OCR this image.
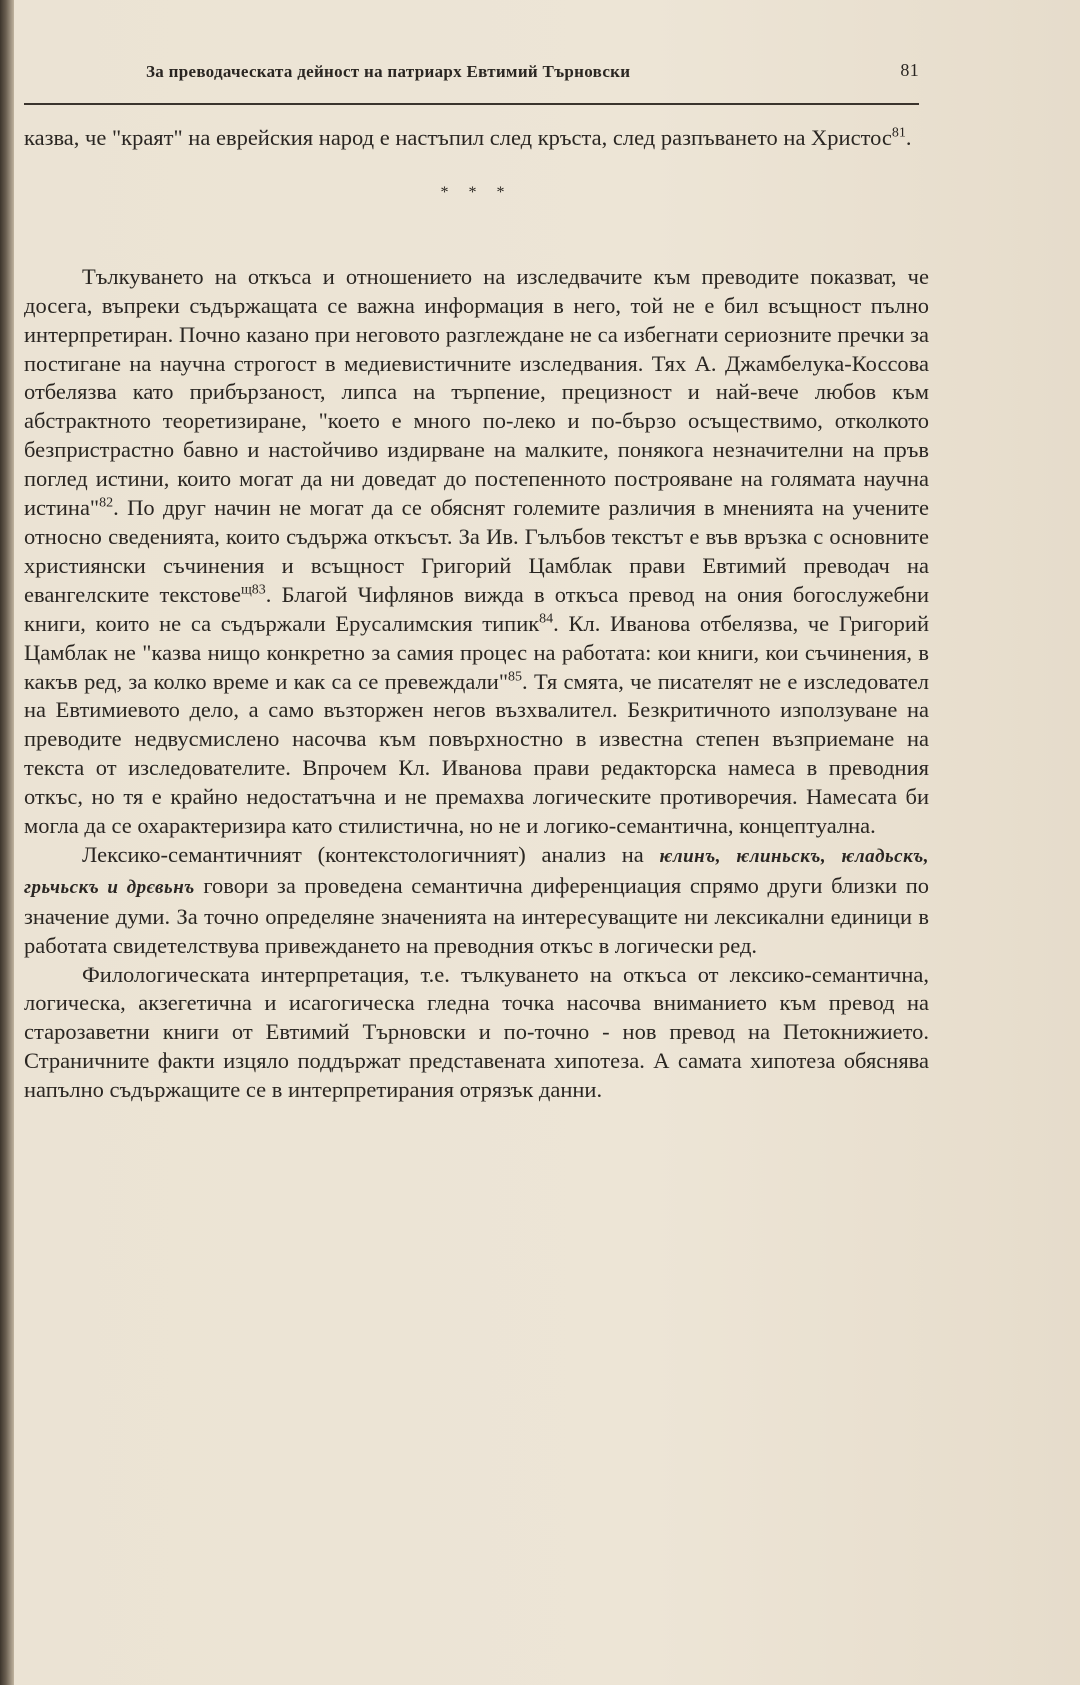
За преводаческата дейност на патриарх Евтимий Търновски	81

казва, че "краят" на еврейския народ е настъпил след кръста, след разпъването на Христос$^{81}$.

* * *

Тълкуването на откъса и отношението на изследвачите към преводите показват, че досега, въпреки съдържащата се важна информация в него, той не е бил всъщност пълно интерпретиран. Почно казано при неговото разглеждане не са избегнати сериозните пречки за постигане на научна строгост в медиевистичните изследвания. Тях А. Джамбелука-Коссова отбелязва като прибързаност, липса на търпение, прецизност и най-вече любов към абстрактното теоретизиране, "което е много по-леко и по-бързо осъществимо, отколкото безпристрастно бавно и настойчиво издирване на малките, понякога незначителни на пръв поглед истини, които могат да ни доведат до постепенното построяване на голямата научна истина"$^{82}$. По друг начин не могат да се обяснят големите различия в мненията на учените относно сведенията, които съдържа откъсът. За Ив. Гълъбов текстът е във връзка с основните християнски съчинения и всъщност Григорий Цамблак прави Евтимий преводач на евангелските текстове$^{щ83}$. Благой Чифлянов вижда в откъса превод на ония богослужебни книги, които не са съдържали Ерусалимския типик$^{84}$. Кл. Иванова отбелязва, че Григорий Цамблак не "казва нищо конкретно за самия процес на работата: кои книги, кои съчинения, в какъв ред, за колко време и как са се превеждали"$^{85}$. Тя смята, че писателят не е изследовател на Евтимиевото дело, а само възторжен негов възхвалител. Безкритичното използуване на преводите недвусмислено насочва към повърхностно в известна степен възприемане на текста от изследователите. Впрочем Кл. Иванова прави редакторска намеса в преводния откъс, но тя е крайно недостатъчна и не премахва логическите противоречия. Намесата би могла да се охарактеризира като стилистична, но не и логико-семантична, концептуална.

Лексико-семантичният (контекстологичният) анализ на ѥлинъ, ѥлиньскъ, ѥладьскъ, грьчьскъ и дрєвьнъ говори за проведена семантична диференциация спрямо други близки по значение думи. За точно определяне значенията на интересуващите ни лексикални единици в работата свидетелствува привеждането на преводния откъс в логически ред.

Филологическата интерпретация, т.е. тълкуването на откъса от лексико-семантична, логическа, акзегетична и исагогическа гледна точка насочва вниманието към превод на старозаветни книги от Евтимий Търновски и по-точно - нов превод на Петокнижието. Страничните факти изцяло поддържат представената хипотеза. А самата хипотеза обяснява напълно съдържащите се в интерпретирания отрязък данни.
